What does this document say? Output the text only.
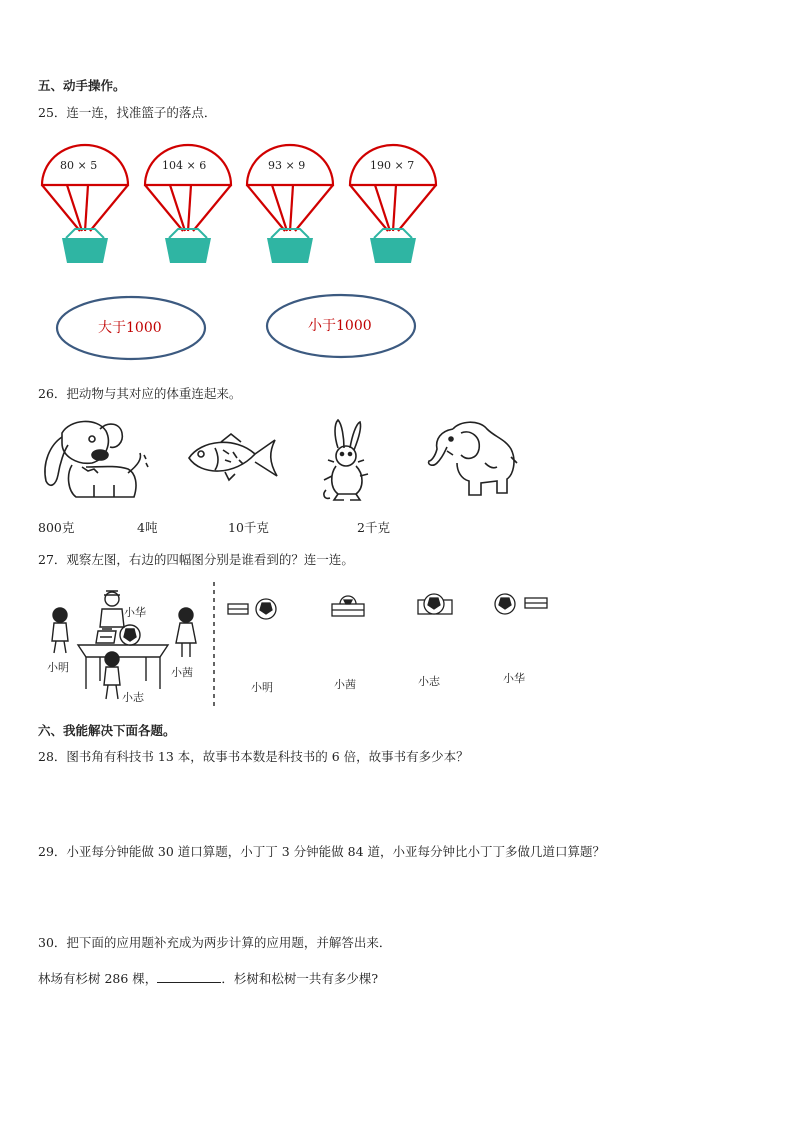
五、动手操作。
25．连一连，找准篮子的落点．
80 × 5	104 × 6	93 × 9	190 × 7
大于1000	小于1000
26．把动物与其对应的体重连起来。
800克	4吨	10千克	2千克
27．观察左图，右边的四幅图分别是谁看到的？连一连。
小华
小明	小茜
小志
小明	小茜	小志	小华
六、我能解决下面各题。
28．图书角有科技书 13 本，故事书本数是科技书的 6 倍，故事书有多少本？
29．小亚每分钟能做 30 道口算题，小丁丁 3 分钟能做 84 道，小亚每分钟比小丁丁多做几道口算题？
30．把下面的应用题补充成为两步计算的应用题，并解答出来．
林场有杉树 286 棵，	．杉树和松树一共有多少棵?
